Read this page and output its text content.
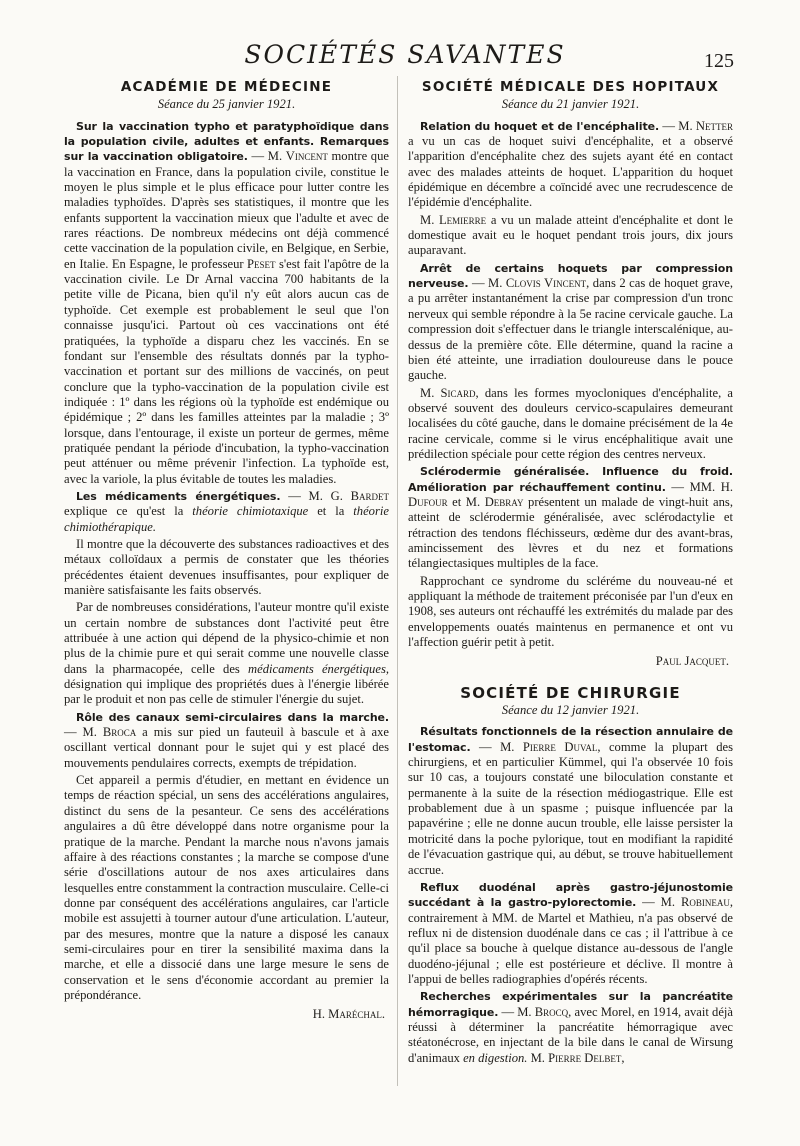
SOCIÉTÉS SAVANTES	125
ACADÉMIE DE MÉDECINE
Séance du 25 janvier 1921.

Sur la vaccination typho et paratyphoïdique dans la population civile, adultes et enfants. Remarques sur la vaccination obligatoire. — M. Vincent montre que la vaccination en France, dans la population civile, constitue le moyen le plus simple et le plus efficace pour lutter contre les maladies typhoïdes. D'après ses statistiques, il montre que les enfants supportent la vaccination mieux que l'adulte et avec de rares réactions. De nombreux médecins ont déjà commencé cette vaccination de la population civile, en Belgique, en Serbie, en Italie. En Espagne, le professeur Peset s'est fait l'apôtre de la vaccination civile. Le Dr Arnal vaccina 700 habitants de la petite ville de Picana, bien qu'il n'y eût alors aucun cas de typhoïde. Cet exemple est probablement le seul que l'on connaisse jusqu'ici. Partout où ces vaccinations ont été pratiquées, la typhoïde a disparu chez les vaccinés. En se fondant sur l'ensemble des résultats donnés par la typho-vaccination et portant sur des millions de vaccinés, on peut conclure que la typho-vaccination de la population civile est indiquée : 1º dans les régions où la typhoïde est endémique ou épidémique ; 2º dans les familles atteintes par la maladie ; 3º lorsque, dans l'entourage, il existe un porteur de germes, même pratiquée pendant la période d'incubation, la typho-vaccination peut atténuer ou même prévenir l'infection. La typhoïde est, avec la variole, la plus évitable de toutes les maladies.

Les médicaments énergétiques. — M. G. Bardet explique ce qu'est la théorie chimiotaxique et la théorie chimiothérapique.

Il montre que la découverte des substances radioactives et des métaux colloïdaux a permis de constater que les théories précédentes étaient devenues insuffisantes, pour expliquer de manière satisfaisante les faits observés.

Par de nombreuses considérations, l'auteur montre qu'il existe un certain nombre de substances dont l'activité peut être attribuée à une action qui dépend de la physico-chimie et non plus de la chimie pure et qui serait comme une nouvelle classe dans la pharmacopée, celle des médicaments énergétiques, désignation qui implique des propriétés dues à l'énergie libérée par le produit et non pas celle de stimuler l'énergie du sujet.

Rôle des canaux semi-circulaires dans la marche. — M. Broca a mis sur pied un fauteuil à bascule et à axe oscillant vertical donnant pour le sujet qui y est placé des mouvements pendulaires corrects, exempts de trépidation.

Cet appareil a permis d'étudier, en mettant en évidence un temps de réaction spécial, un sens des accélérations angulaires, distinct du sens de la pesanteur. Ce sens des accélérations angulaires a dû être développé dans notre organisme pour la pratique de la marche. Pendant la marche nous n'avons jamais affaire à des réactions constantes ; la marche se compose d'une série d'oscillations autour de nos axes articulaires dans lesquelles entre constamment la contraction musculaire. Celle-ci donne par conséquent des accélérations angulaires, car l'article mobile est assujetti à tourner autour d'une articulation. L'auteur, par des mesures, montre que la nature a disposé les canaux semi-circulaires pour en tirer la sensibilité maxima dans la marche, et elle a dissocié dans une large mesure le sens de conservation et le sens d'économie accordant au premier la prépondérance.

H. Maréchal.
SOCIÉTÉ MÉDICALE DES HOPITAUX
Séance du 21 janvier 1921.

Relation du hoquet et de l'encéphalite. — M. Netter a vu un cas de hoquet suivi d'encéphalite, et a observé l'apparition d'encéphalite chez des sujets ayant été en contact avec des malades atteints de hoquet. L'apparition du hoquet épidémique en décembre a coïncidé avec une recrudescence de l'épidémie d'encéphalite.

M. Lemierre a vu un malade atteint d'encéphalite et dont le domestique avait eu le hoquet pendant trois jours, dix jours auparavant.

Arrêt de certains hoquets par compression nerveuse. — M. Clovis Vincent, dans 2 cas de hoquet grave, a pu arrêter instantanément la crise par compression d'un tronc nerveux qui semble répondre à la 5e racine cervicale gauche. La compression doit s'effectuer dans le triangle interscalénique, au-dessus de la première côte. Elle détermine, quand la racine a bien été atteinte, une irradiation douloureuse dans le pouce gauche.

M. Sicard, dans les formes myocloniques d'encéphalite, a observé souvent des douleurs cervico-scapulaires demeurant localisées du côté gauche, dans le domaine précisément de la 4e racine cervicale, comme si le virus encéphalitique avait une prédilection spéciale pour cette région des centres nerveux.

Sclérodermie généralisée. Influence du froid. Amélioration par réchauffement continu. — MM. H. Dufour et M. Debray présentent un malade de vingt-huit ans, atteint de sclérodermie généralisée, avec sclérodactylie et rétraction des tendons fléchisseurs, œdème dur des avant-bras, amincissement des lèvres et du nez et formations télangiectasiques multiples de la face.

Rapprochant ce syndrome du scléréme du nouveau-né et appliquant la méthode de traitement préconisée par l'un d'eux en 1908, ses auteurs ont réchauffé les extrémités du malade par des enveloppements ouatés maintenus en permanence et ont vu l'affection guérir petit à petit.

Paul Jacquet.
SOCIÉTÉ DE CHIRURGIE
Séance du 12 janvier 1921.

Résultats fonctionnels de la résection annulaire de l'estomac. — M. Pierre Duval, comme la plupart des chirurgiens, et en particulier Kümmel, qui l'a observée 10 fois sur 10 cas, a toujours constaté une biloculation constante et permanente à la suite de la résection médiogastrique. Elle est probablement due à un spasme ; puisque influencée par la papavérine ; elle ne donne aucun trouble, elle laisse persister la motricité dans la poche pylorique, tout en modifiant la rapidité de l'évacuation gastrique qui, au début, se trouve habituellement accrue.

Reflux duodénal après gastro-jéjunostomie succédant à la gastro-pylorectomie. — M. Robineau, contrairement à MM. de Martel et Mathieu, n'a pas observé de reflux ni de distension duodénale dans ce cas ; il l'attribue à ce qu'il place sa bouche à quelque distance au-dessous de l'angle duodéno-jéjunal ; elle est postérieure et déclive. Il montre à l'appui de belles radiographies d'opérés récents.

Recherches expérimentales sur la pancréatite hémorragique. — M. Brocq, avec Morel, en 1914, avait déjà réussi à déterminer la pancréatite hémorragique avec stéatonécrose, en injectant de la bile dans le canal de Wirsung d'animaux en digestion. M. Pierre Delbet,
